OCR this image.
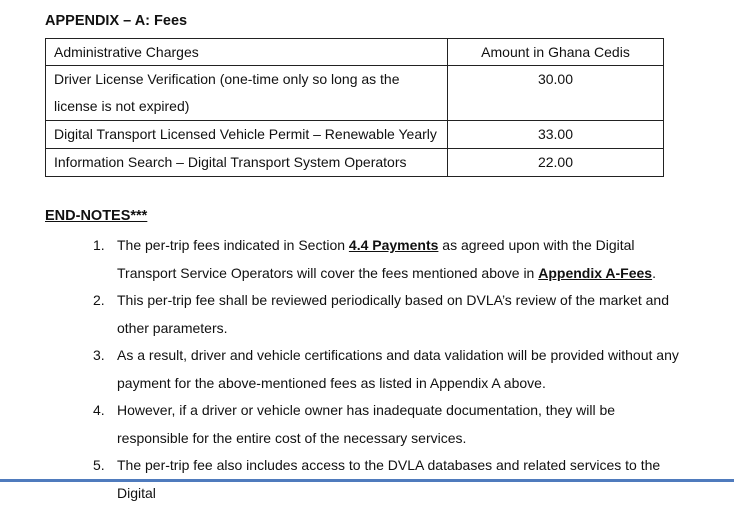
APPENDIX – A: Fees
Administrative Charges	Amount in Ghana Cedis
Driver License Verification (one-time only so long as the license is not expired)	30.00
Digital Transport Licensed Vehicle Permit – Renewable Yearly	33.00
Information Search – Digital Transport System Operators	22.00
END-NOTES***
1. The per-trip fees indicated in Section 4.4 Payments as agreed upon with the Digital Transport Service Operators will cover the fees mentioned above in Appendix A-Fees.
2. This per-trip fee shall be reviewed periodically based on DVLA’s review of the market and other parameters.
3. As a result, driver and vehicle certifications and data validation will be provided without any payment for the above-mentioned fees as listed in Appendix A above.
4. However, if a driver or vehicle owner has inadequate documentation, they will be responsible for the entire cost of the necessary services.
5. The per-trip fee also includes access to the DVLA databases and related services to the Digital
